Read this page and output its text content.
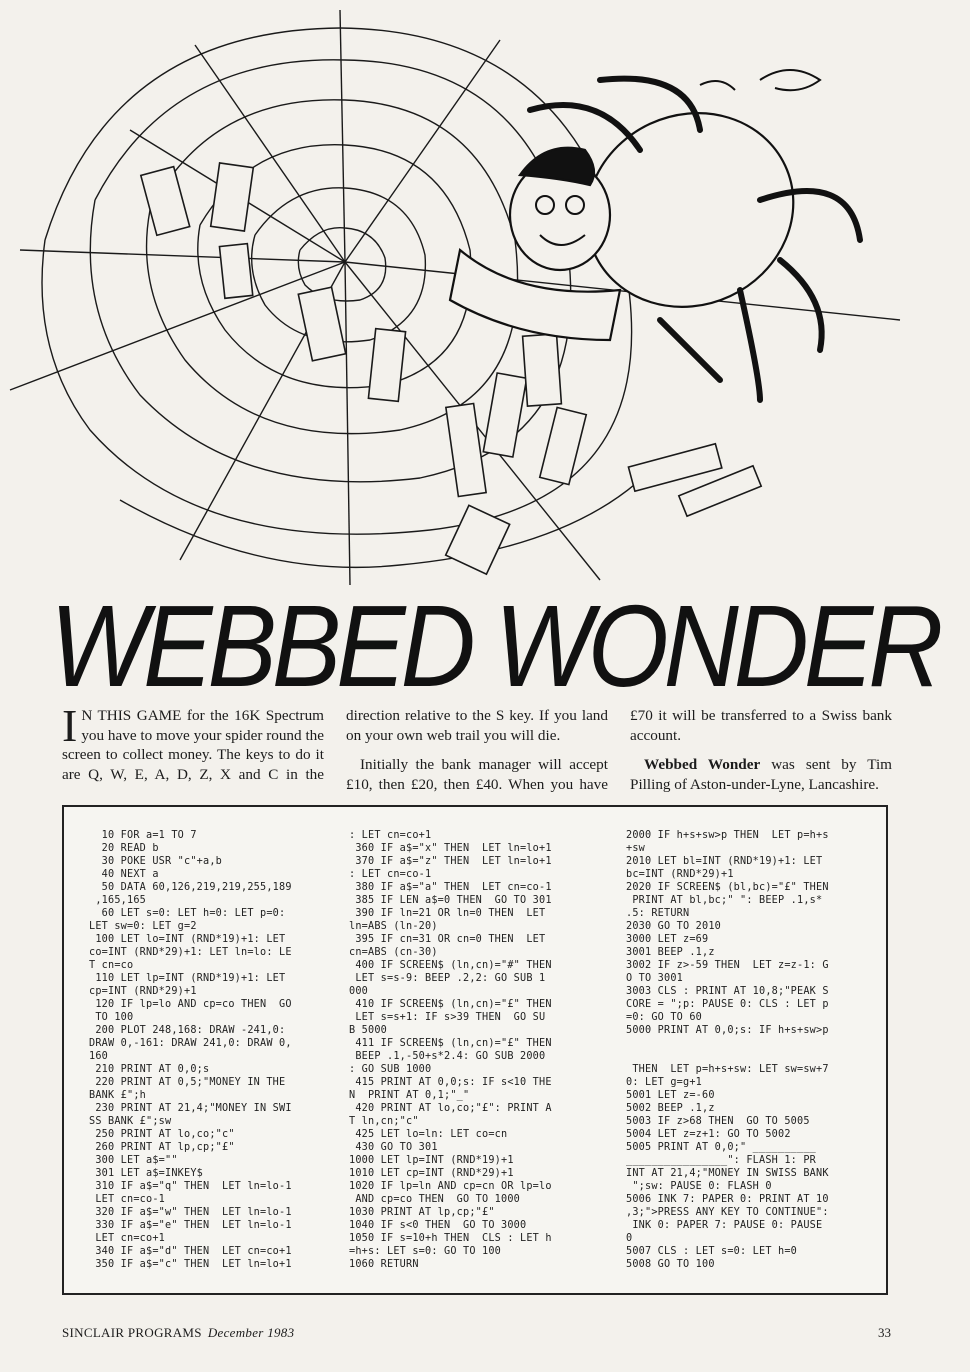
WEBBED WONDER

I N THIS GAME for the 16K Spectrum you have to move your spider round the screen to collect money. The keys to do it are Q, W, E, A, D, Z, X and C in the direction relative to the S key. If you land on your own web trail you will die.

Initially the bank manager will accept £10, then £20, then £40. When you have £70 it will be transferred to a Swiss bank account.

Webbed Wonder was sent by Tim Pilling of Aston-under-Lyne, Lancashire.

10 FOR a=1 TO 7
20 READ b
30 POKE USR "c"+a,b
40 NEXT a
50 DATA 60,126,219,219,255,189
,165,165
60 LET s=0: LET h=0: LET p=0:
LET sw=0: LET g=2
100 LET lo=INT (RND*19)+1: LET
co=INT (RND*29)+1: LET ln=lo: LE
T cn=co
110 LET lp=INT (RND*19)+1: LET
cp=INT (RND*29)+1
120 IF lp=lo AND cp=co THEN  GO
TO 100
200 PLOT 248,168: DRAW -241,0:
DRAW 0,-161: DRAW 241,0: DRAW 0,
160
210 PRINT AT 0,0;s
220 PRINT AT 0,5;"MONEY IN THE
BANK £";h
230 PRINT AT 21,4;"MONEY IN SWI
SS BANK £";sw
250 PRINT AT lo,co;"c"
260 PRINT AT lp,cp;"£"
300 LET a$=""
301 LET a$=INKEY$
310 IF a$="q" THEN  LET ln=lo-1
LET cn=co-1
320 IF a$="w" THEN  LET ln=lo-1
330 IF a$="e" THEN  LET ln=lo-1
LET cn=co+1
340 IF a$="d" THEN  LET cn=co+1
350 IF a$="c" THEN  LET ln=lo+1
: LET cn=co+1
360 IF a$="x" THEN  LET ln=lo+1
370 IF a$="z" THEN  LET ln=lo+1
: LET cn=co-1
380 IF a$="a" THEN  LET cn=co-1
385 IF LEN a$=0 THEN  GO TO 301
390 IF ln=21 OR ln=0 THEN  LET
ln=ABS (ln-20)
395 IF cn=31 OR cn=0 THEN  LET
cn=ABS (cn-30)
400 IF SCREEN$ (ln,cn)="#" THEN
LET s=s-9: BEEP .2,2: GO SUB 1
000
410 IF SCREEN$ (ln,cn)="£" THEN
LET s=s+1: IF s>39 THEN  GO SU
B 5000
411 IF SCREEN$ (ln,cn)="£" THEN
BEEP .1,-50+s*2.4: GO SUB 2000
: GO SUB 1000
415 PRINT AT 0,0;s: IF s<10 THE
N  PRINT AT 0,1;"_"
420 PRINT AT lo,co;"£": PRINT A
T ln,cn;"c"
425 LET lo=ln: LET co=cn
430 GO TO 301
1000 LET lp=INT (RND*19)+1
1010 LET cp=INT (RND*29)+1
1020 IF lp=ln AND cp=cn OR lp=lo
AND cp=co THEN  GO TO 1000
1030 PRINT AT lp,cp;"£"
1040 IF s<0 THEN  GO TO 3000
1050 IF s=10+h THEN  CLS : LET h
=h+s: LET s=0: GO TO 100
1060 RETURN
2000 IF h+s+sw>p THEN  LET p=h+s
+sw
2010 LET bl=INT (RND*19)+1: LET
bc=INT (RND*29)+1
2020 IF SCREEN$ (bl,bc)="£" THEN
PRINT AT bl,bc;" ": BEEP .1,s*
.5: RETURN
2030 GO TO 2010
3000 LET z=69
3001 BEEP .1,z
3002 IF z>-59 THEN  LET z=z-1: G
O TO 3001
3003 CLS : PRINT AT 10,8;"PEAK S
CORE = ";p: PAUSE 0: CLS : LET p
=0: GO TO 60
5000 PRINT AT 0,0;s: IF h+s+sw>p

THEN  LET p=h+s+sw: LET sw=sw+7
0: LET g=g+1
5001 LET z=-60
5002 BEEP .1,z
5003 IF z>68 THEN  GO TO 5005
5004 LET z=z+1: GO TO 5002
5005 PRINT AT 0,0;" __________
________________": FLASH 1: PR
INT AT 21,4;"MONEY IN SWISS BANK
";sw: PAUSE 0: FLASH 0
5006 INK 7: PAPER 0: PRINT AT 10
,3;">PRESS ANY KEY TO CONTINUE":
INK 0: PAPER 7: PAUSE 0: PAUSE
0
5007 CLS : LET s=0: LET h=0
5008 GO TO 100
SINCLAIR PROGRAMS December 1983	33
